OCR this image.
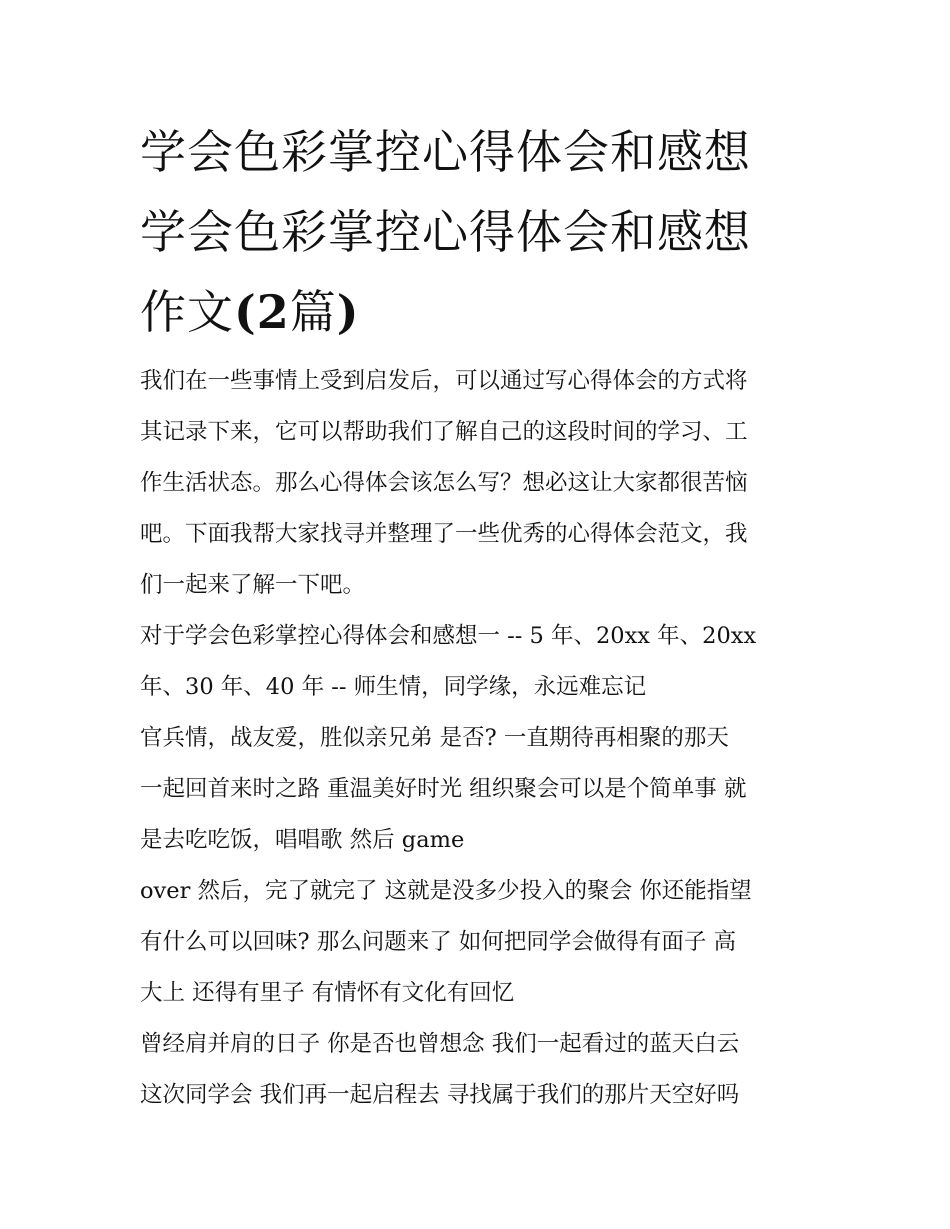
学会色彩掌控心得体会和感想
学会色彩掌控心得体会和感想
作文(2篇)

我们在一些事情上受到启发后，可以通过写心得体会的方式将
其记录下来，它可以帮助我们了解自己的这段时间的学习、工
作生活状态。那么心得体会该怎么写？想必这让大家都很苦恼
吧。下面我帮大家找寻并整理了一些优秀的心得体会范文，我
们一起来了解一下吧。

对于学会色彩掌控心得体会和感想一 -- 5 年、20xx 年、20xx
年、30 年、40 年 -- 师生情，同学缘，永远难忘记

官兵情，战友爱，胜似亲兄弟 是否? 一直期待再相聚的那天
一起回首来时之路 重温美好时光 组织聚会可以是个简单事 就
是去吃吃饭，唱唱歌 然后 game

over 然后，完了就完了 这就是没多少投入的聚会 你还能指望
有什么可以回味? 那么问题来了 如何把同学会做得有面子 高
大上 还得有里子 有情怀有文化有回忆

曾经肩并肩的日子 你是否也曾想念 我们一起看过的蓝天白云
这次同学会 我们再一起启程去 寻找属于我们的那片天空好吗
